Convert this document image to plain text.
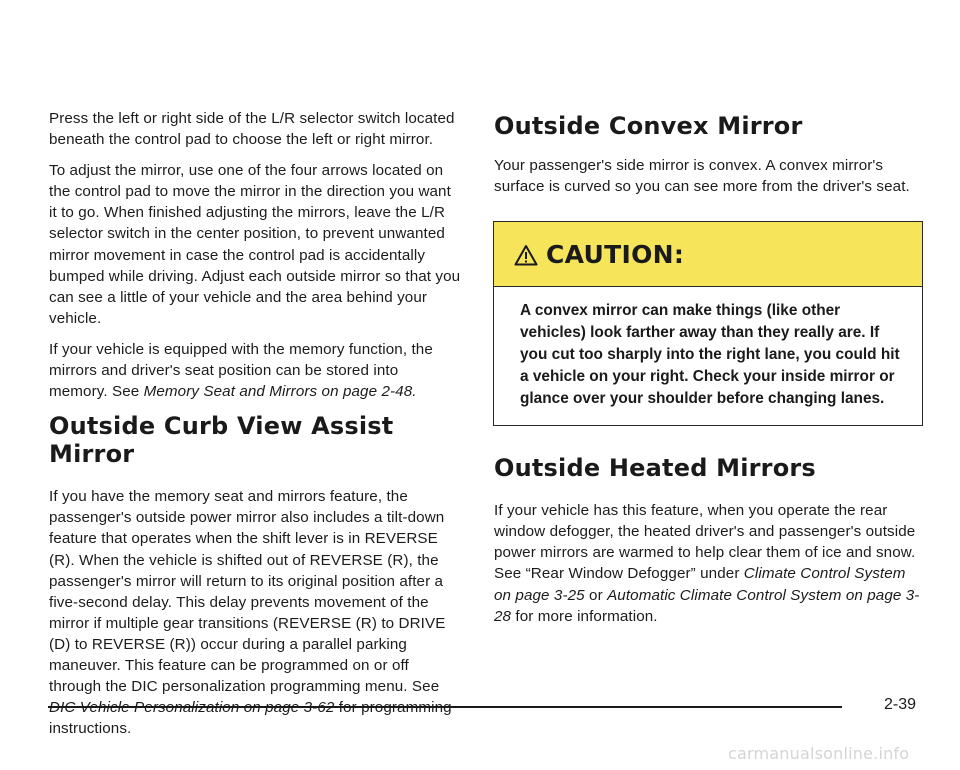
Press the left or right side of the L/R selector switch located beneath the control pad to choose the left or right mirror.

To adjust the mirror, use one of the four arrows located on the control pad to move the mirror in the direction you want it to go. When finished adjusting the mirrors, leave the L/R selector switch in the center position, to prevent unwanted mirror movement in case the control pad is accidentally bumped while driving. Adjust each outside mirror so that you can see a little of your vehicle and the area behind your vehicle.

If your vehicle is equipped with the memory function, the mirrors and driver's seat position can be stored into memory. See Memory Seat and Mirrors on page 2-48.

Outside Curb View Assist Mirror

If you have the memory seat and mirrors feature, the passenger's outside power mirror also includes a tilt-down feature that operates when the shift lever is in REVERSE (R). When the vehicle is shifted out of REVERSE (R), the passenger's mirror will return to its original position after a five-second delay. This delay prevents movement of the mirror if multiple gear transitions (REVERSE (R) to DRIVE (D) to REVERSE (R)) occur during a parallel parking maneuver. This feature can be programmed on or off through the DIC personalization programming menu. See instructions.

Outside Convex Mirror

Your passenger's side mirror is convex. A convex mirror's surface is curved so you can see more from the driver's seat.

CAUTION:
A convex mirror can make things (like other vehicles) look farther away than they really are. If you cut too sharply into the right lane, you could hit a vehicle on your right. Check your inside mirror or glance over your shoulder before changing lanes.
Outside Heated Mirrors

If your vehicle has this feature, when you operate the rear window defogger, the heated driver's and passenger's outside power mirrors are warmed to help clear them of ice and snow. See “Rear Window Defogger” under Climate Control System on page 3-25 or Automatic Climate Control System on page 3-28 for more information.

2-39
carmanualsonline.info
